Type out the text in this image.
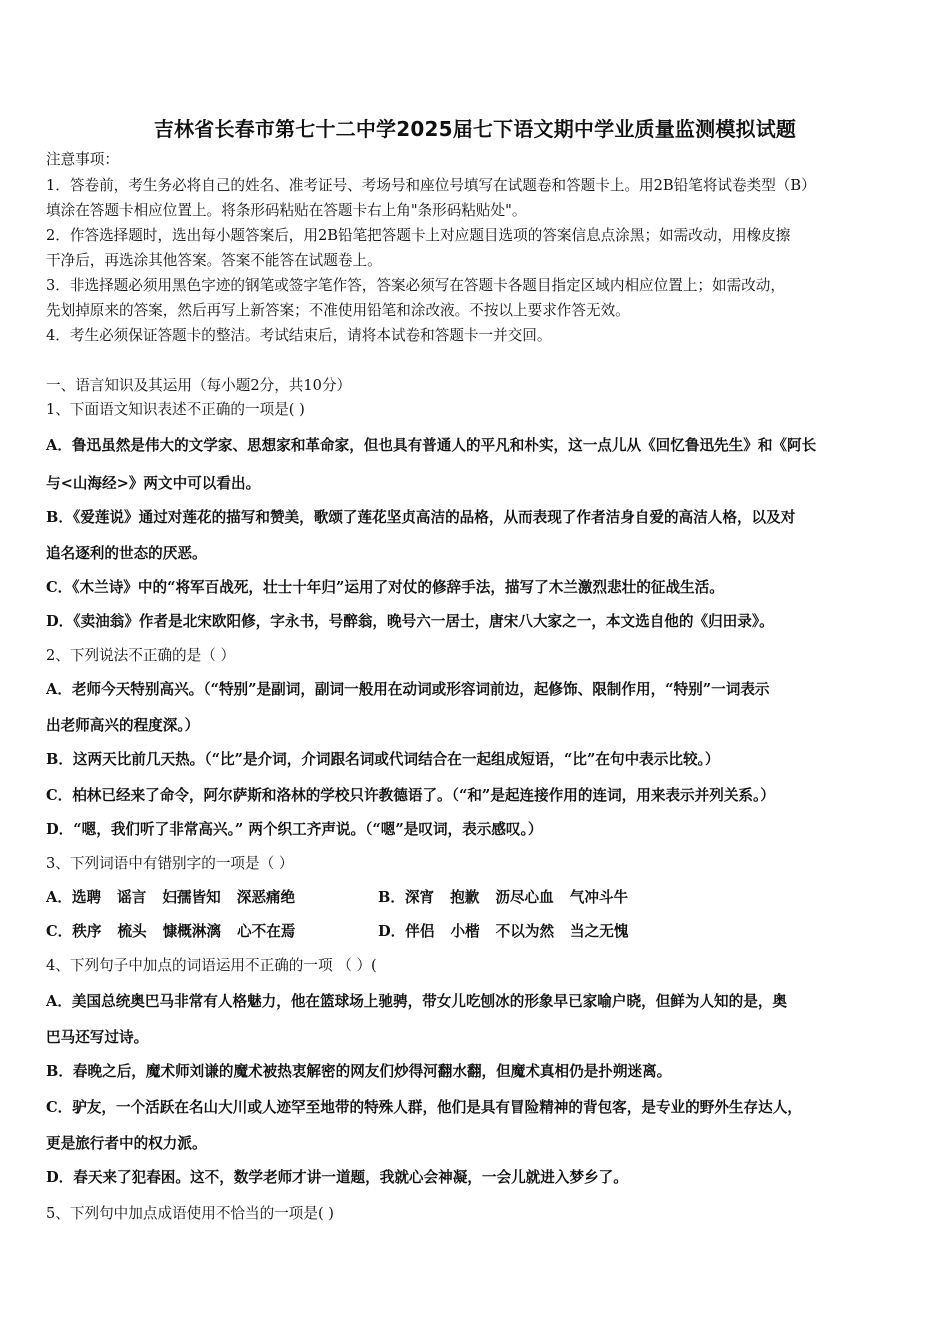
吉林省长春市第七十二中学2025届七下语文期中学业质量监测模拟试题
注意事项：
1．答卷前，考生务必将自己的姓名、准考证号、考场号和座位号填写在试题卷和答题卡上。用2B铅笔将试卷类型（B）
填涂在答题卡相应位置上。将条形码粘贴在答题卡右上角"条形码粘贴处"。
2．作答选择题时，选出每小题答案后，用2B铅笔把答题卡上对应题目选项的答案信息点涂黑；如需改动，用橡皮擦
干净后，再选涂其他答案。答案不能答在试题卷上。
3．非选择题必须用黑色字迹的钢笔或签字笔作答，答案必须写在答题卡各题目指定区域内相应位置上；如需改动，
先划掉原来的答案，然后再写上新答案；不准使用铅笔和涂改液。不按以上要求作答无效。
4．考生必须保证答题卡的整洁。考试结束后，请将本试卷和答题卡一并交回。
一、语言知识及其运用（每小题2分，共10分）
1、下面语文知识表述不正确的一项是( )
A．鲁迅虽然是伟大的文学家、思想家和革命家，但也具有普通人的平凡和朴实，这一点儿从《回忆鲁迅先生》和《阿长
与<山海经>》两文中可以看出。
B．《爱莲说》通过对莲花的描写和赞美，歌颂了莲花坚贞高洁的品格，从而表现了作者洁身自爱的高洁人格，以及对
追名逐利的世态的厌恶。
C．《木兰诗》中的“将军百战死，壮士十年归”运用了对仗的修辞手法，描写了木兰激烈悲壮的征战生活。
D．《卖油翁》作者是北宋欧阳修，字永书，号醉翁，晚号六一居士，唐宋八大家之一，本文选自他的《归田录》。
2、下列说法不正确的是（ ）
A．老师今天特别高兴。（“特别”是副词，副词一般用在动词或形容词前边，起修饰、限制作用，“特别”一词表示
出老师高兴的程度深。）
B．这两天比前几天热。（“比”是介词，介词跟名词或代词结合在一起组成短语，“比”在句中表示比较。）
C．柏林已经来了命令，阿尔萨斯和洛林的学校只许教德语了。（“和”是起连接作用的连词，用来表示并列关系。）
D．“嗯，我们听了非常高兴。” 两个织工齐声说。（“嗯”是叹词，表示感叹。）
3、下列词语中有错别字的一项是（ ）
A．选聘 谣言 妇孺皆知 深恶痛绝	B．深宵 抱歉 沥尽心血 气冲斗牛
C．秩序 梳头 慷概淋漓 心不在焉	D．伴侣 小楷 不以为然 当之无愧
4、下列句子中加点的词语运用不正确的一项 （ ）(
A．美国总统奥巴马非常有人格魅力，他在篮球场上驰骋，带女儿吃刨冰的形象早已家喻户晓，但鲜为人知的是，奥
巴马还写过诗。
B．春晚之后，魔术师刘谦的魔术被热衷解密的网友们炒得河翻水翻，但魔术真相仍是扑朔迷离。
C．驴友，一个活跃在名山大川或人迹罕至地带的特殊人群，他们是具有冒险精神的背包客，是专业的野外生存达人，
更是旅行者中的权力派。
D．春天来了犯春困。这不，数学老师才讲一道题，我就心会神凝，一会儿就进入梦乡了。
5、下列句中加点成语使用不恰当的一项是( )
